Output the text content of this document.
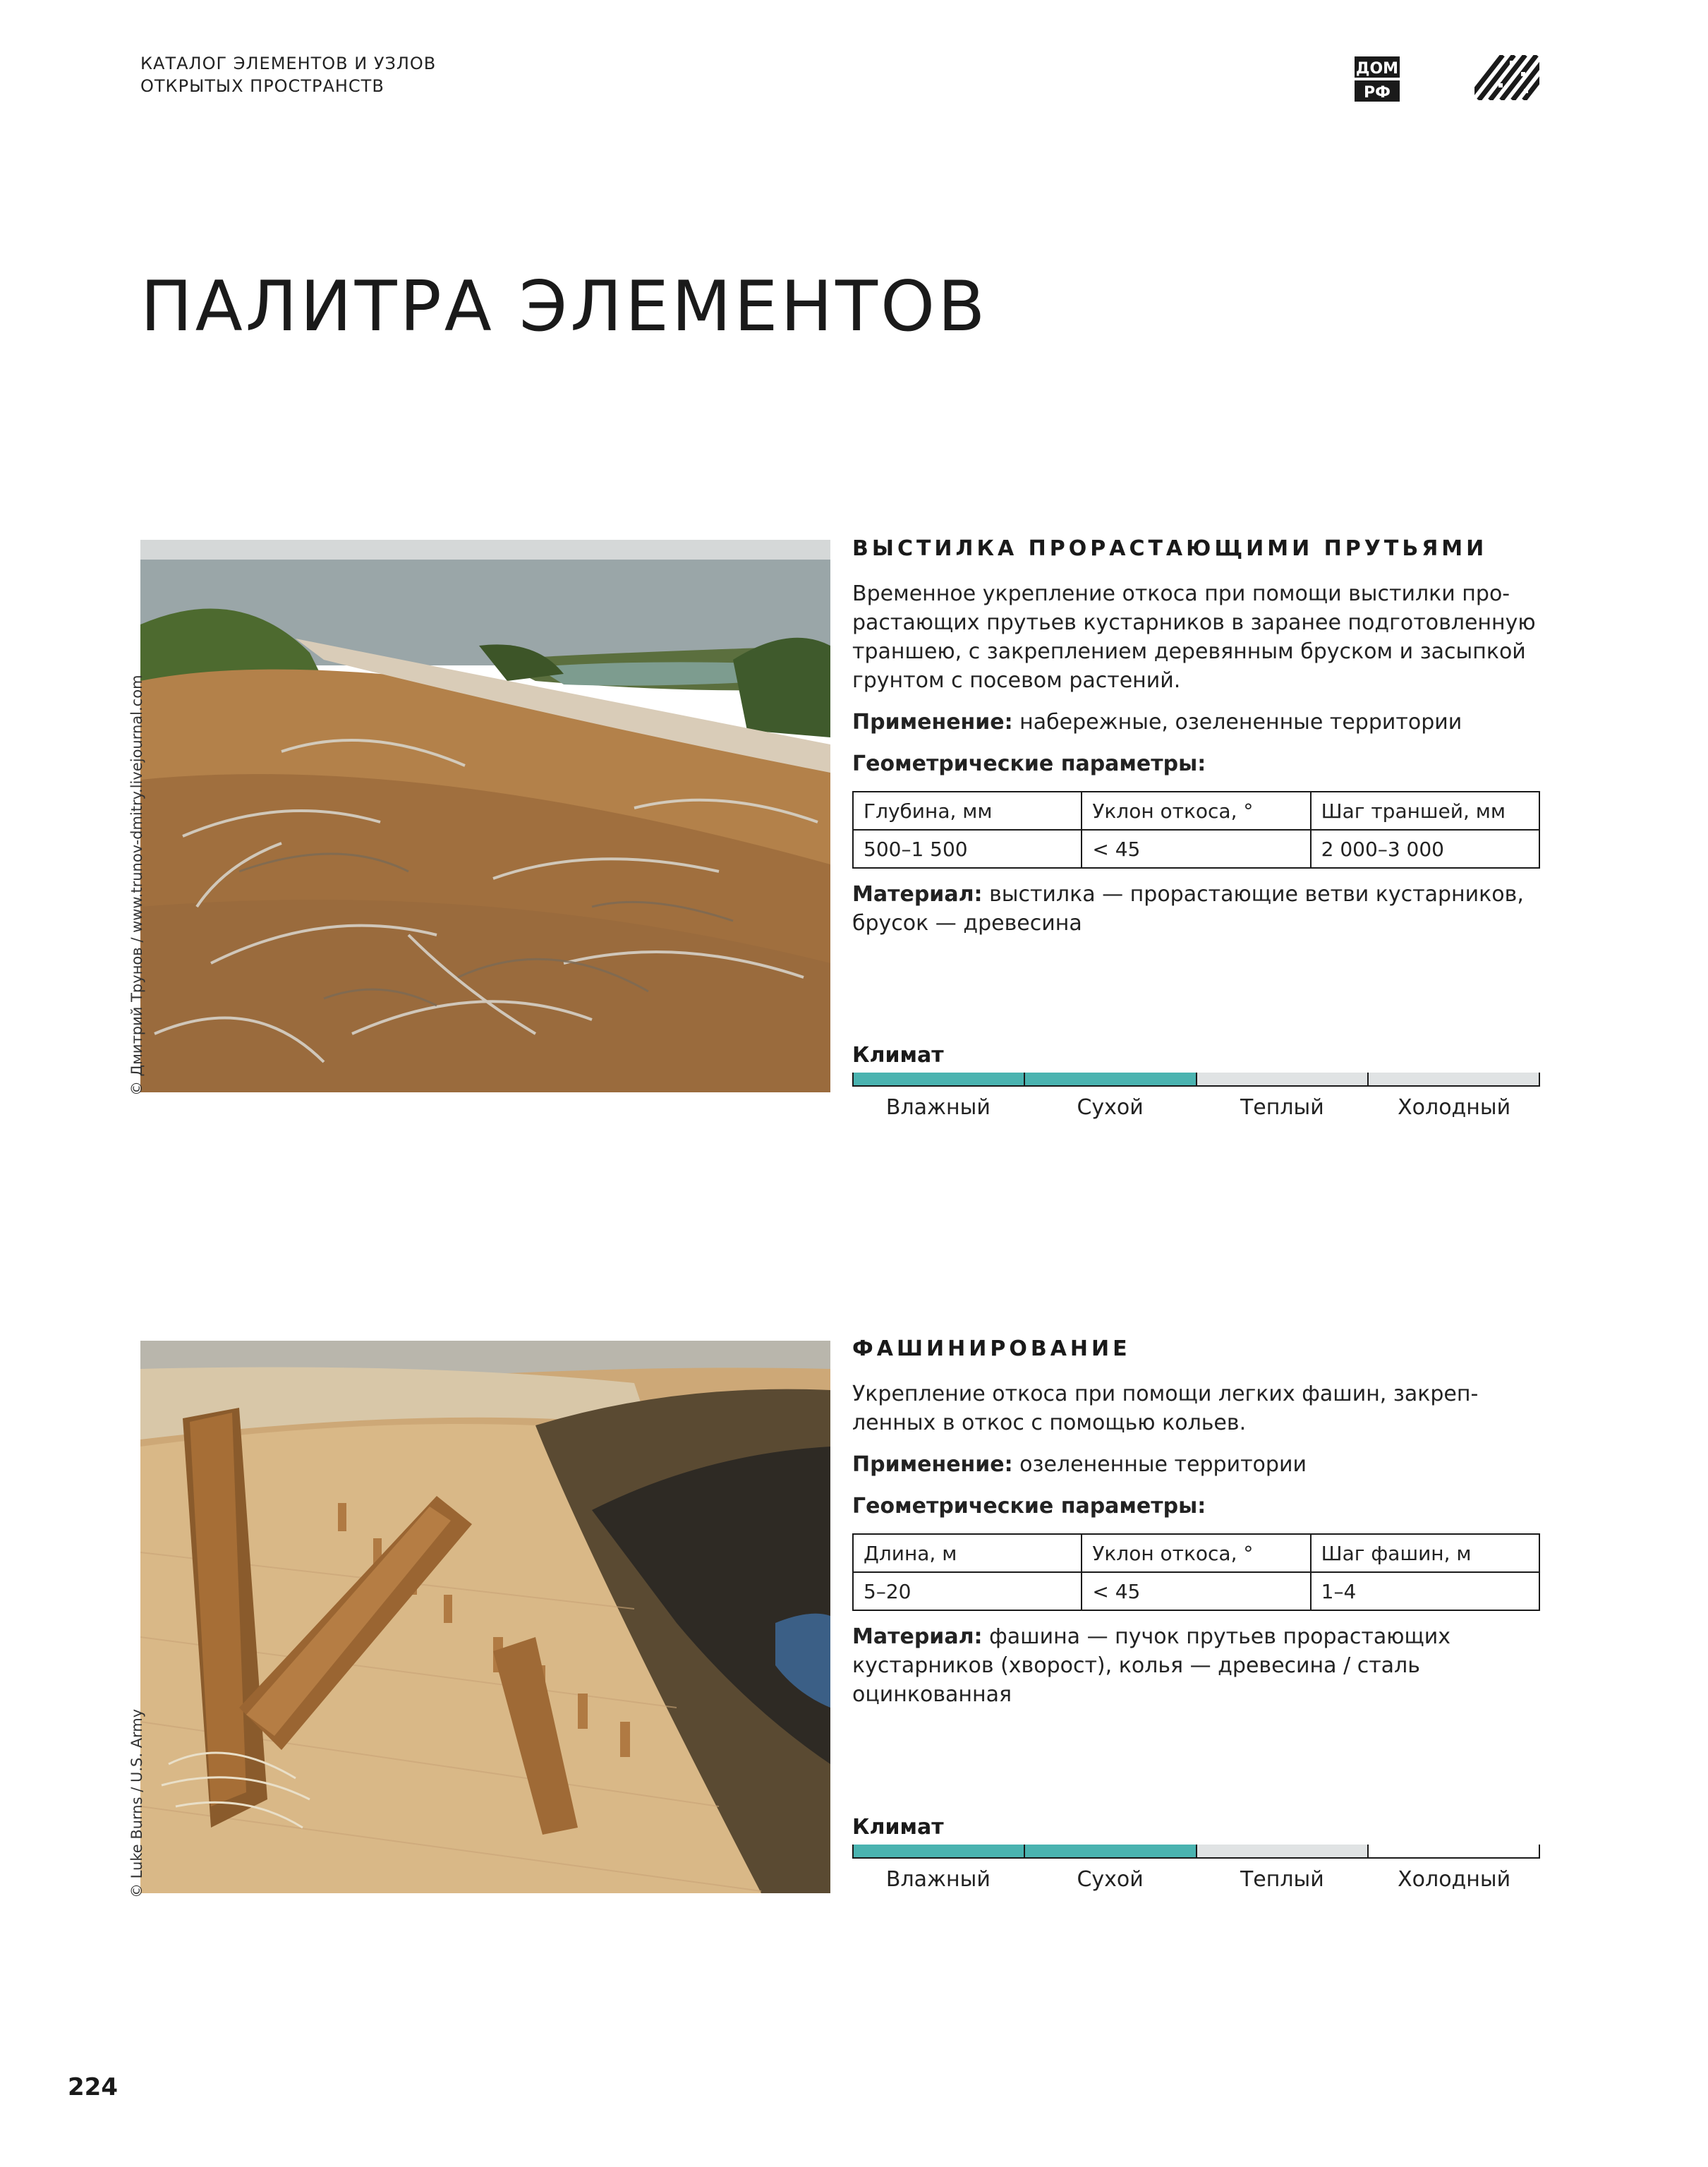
КАТАЛОГ ЭЛЕМЕНТОВ И УЗЛОВ
ОТКРЫТЫХ ПРОСТРАНСТВ
ДОМ
РФ
ПАЛИТРА ЭЛЕМЕНТОВ
© Дмитрий Трунов / www.trunov-dmitry.livejournal.com
ВЫСТИЛКА ПРОРАСТАЮЩИМИ ПРУТЬЯМИ

Временное укрепление откоса при помощи выстилки про-растающих прутьев кустарников в заранее подготовленную траншею, с закреплением деревянным бруском и засыпкой грунтом с посевом растений.

Применение: набережные, озелененные территории

Геометрические параметры:

Глубина, мм	Уклон откоса, °	Шаг траншей, мм
500–1 500	< 45	2 000–3 000

Материал: выстилка — прорастающие ветви кустарников, брусок — древесина

Климат
Влажный	Сухой	Теплый	Холодный
© Luke Burns / U.S. Army
ФАШИНИРОВАНИЕ

Укрепление откоса при помощи легких фашин, закреп-ленных в откос с помощью кольев.

Применение: озелененные территории

Геометрические параметры:

Длина, м	Уклон откоса, °	Шаг фашин, м
5–20	< 45	1–4

Материал: фашина — пучок прутьев прорастающих кустарников (хворост), колья — древесина / сталь оцинкованная

Климат
Влажный	Сухой	Теплый	Холодный
224
